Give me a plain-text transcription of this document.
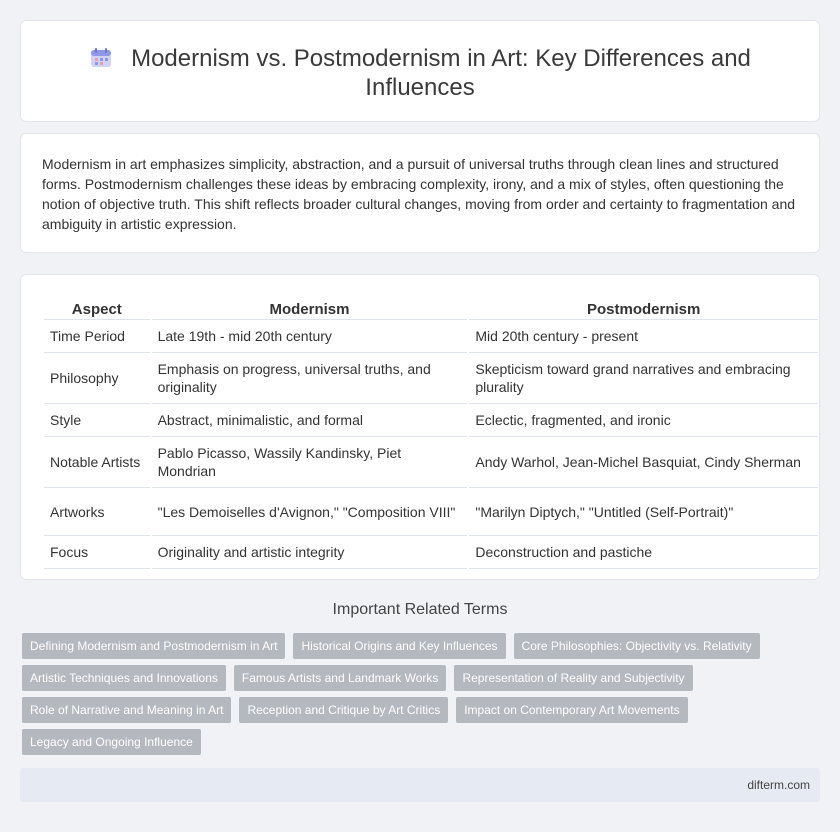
Modernism vs. Postmodernism in Art: Key Differences and Influences

Modernism in art emphasizes simplicity, abstraction, and a pursuit of universal truths through clean lines and structured forms. Postmodernism challenges these ideas by embracing complexity, irony, and a mix of styles, often questioning the notion of objective truth. This shift reflects broader cultural changes, moving from order and certainty to fragmentation and ambiguity in artistic expression.

Aspect	Modernism	Postmodernism
Time Period	Late 19th - mid 20th century	Mid 20th century - present
Philosophy	Emphasis on progress, universal truths, and originality	Skepticism toward grand narratives and embracing plurality
Style	Abstract, minimalistic, and formal	Eclectic, fragmented, and ironic
Notable Artists	Pablo Picasso, Wassily Kandinsky, Piet Mondrian	Andy Warhol, Jean-Michel Basquiat, Cindy Sherman
Artworks	"Les Demoiselles d'Avignon," "Composition VIII"	"Marilyn Diptych," "Untitled (Self-Portrait)"
Focus	Originality and artistic integrity	Deconstruction and pastiche
Important Related Terms
Defining Modernism and Postmodernism in Art	Historical Origins and Key Influences	Core Philosophies: Objectivity vs. Relativity
Artistic Techniques and Innovations	Famous Artists and Landmark Works	Representation of Reality and Subjectivity
Role of Narrative and Meaning in Art	Reception and Critique by Art Critics	Impact on Contemporary Art Movements
Legacy and Ongoing Influence
difterm.com
